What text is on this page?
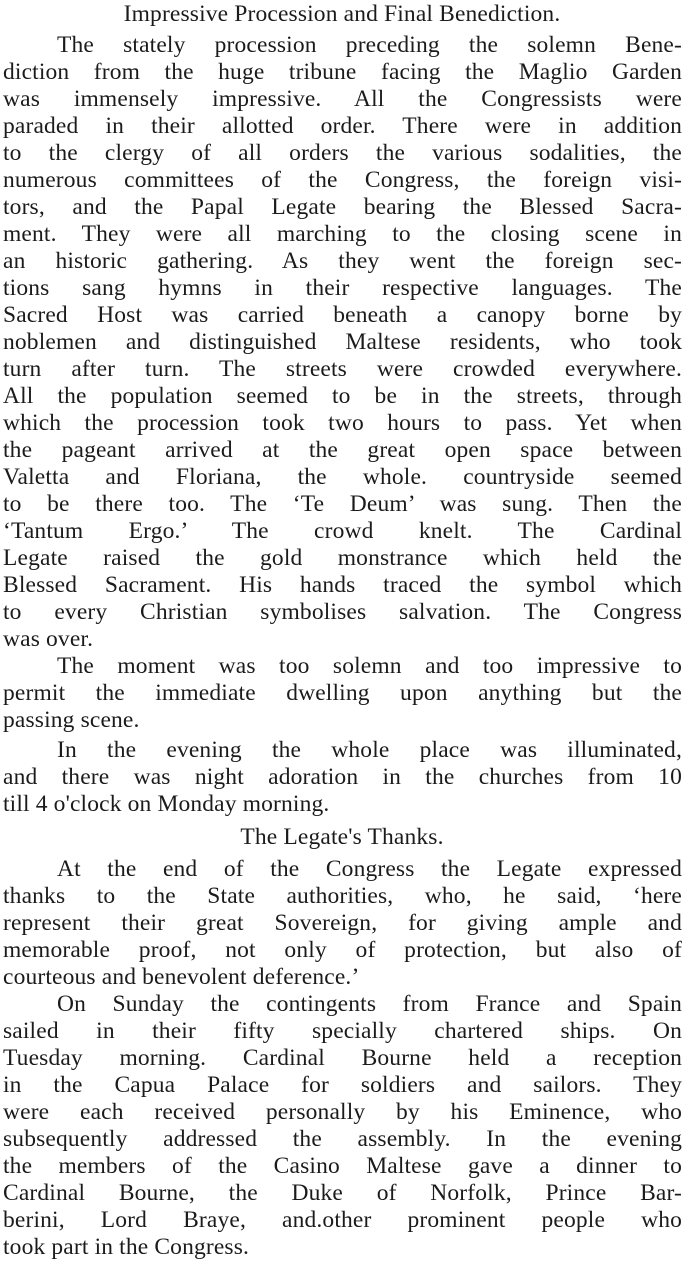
Impressive Procession and Final Benediction.
The stately procession preceding the solemn Bene-
diction from the huge tribune facing the Maglio Garden
was immensely impressive. All the Congressists were
paraded in their allotted order. There were in addition
to the clergy of all orders the various sodalities, the
numerous committees of the Congress, the foreign visi-
tors, and the Papal Legate bearing the Blessed Sacra-
ment. They were all marching to the closing scene in
an historic gathering. As they went the foreign sec-
tions sang hymns in their respective languages. The
Sacred Host was carried beneath a canopy borne by
noblemen and distinguished Maltese residents, who took
turn after turn. The streets were crowded everywhere.
All the population seemed to be in the streets, through
which the procession took two hours to pass. Yet when
the pageant arrived at the great open space between
Valetta and Floriana, the whole. countryside seemed
to be there too. The ‘Te Deum’ was sung. Then the
‘Tantum Ergo.’ The crowd knelt. The Cardinal
Legate raised the gold monstrance which held the
Blessed Sacrament. His hands traced the symbol which
to every Christian symbolises salvation. The Congress
was over.
The moment was too solemn and too impressive to
permit the immediate dwelling upon anything but the
passing scene.
In the evening the whole place was illuminated,
and there was night adoration in the churches from 10
till 4 o'clock on Monday morning.
The Legate's Thanks.
At the end of the Congress the Legate expressed
thanks to the State authorities, who, he said, ‘here
represent their great Sovereign, for giving ample and
memorable proof, not only of protection, but also of
courteous and benevolent deference.’
On Sunday the contingents from France and Spain
sailed in their fifty specially chartered ships. On
Tuesday morning. Cardinal Bourne held a reception
in the Capua Palace for soldiers and sailors. They
were each received personally by his Eminence, who
subsequently addressed the assembly. In the evening
the members of the Casino Maltese gave a dinner to
Cardinal Bourne, the Duke of Norfolk, Prince Bar-
berini, Lord Braye, and.other prominent people who
took part in the Congress.
